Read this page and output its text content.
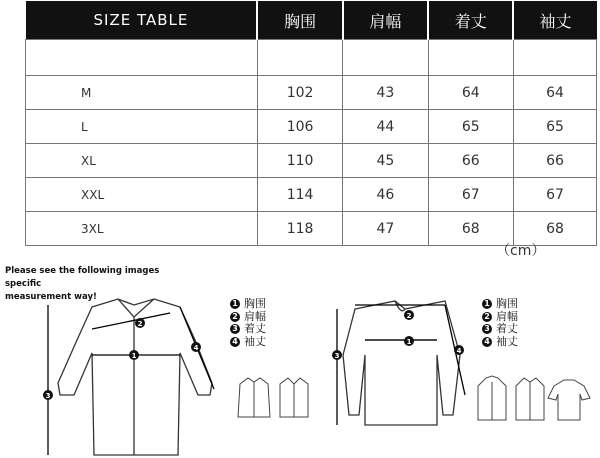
SIZE TABLE	胸围	肩幅	着丈	袖丈

M	102	43	64	64
L	106	44	65	65
XL	110	45	66	66
XXL	114	46	67	67
3XL	118	47	68	68
（cm）
Please see the following images specific
measurement way!
1
2
3
4
1 胸围
2 肩幅
3 着丈
4 袖丈	1
2
3
4
1 胸围
2 肩幅
3 着丈
4 袖丈
